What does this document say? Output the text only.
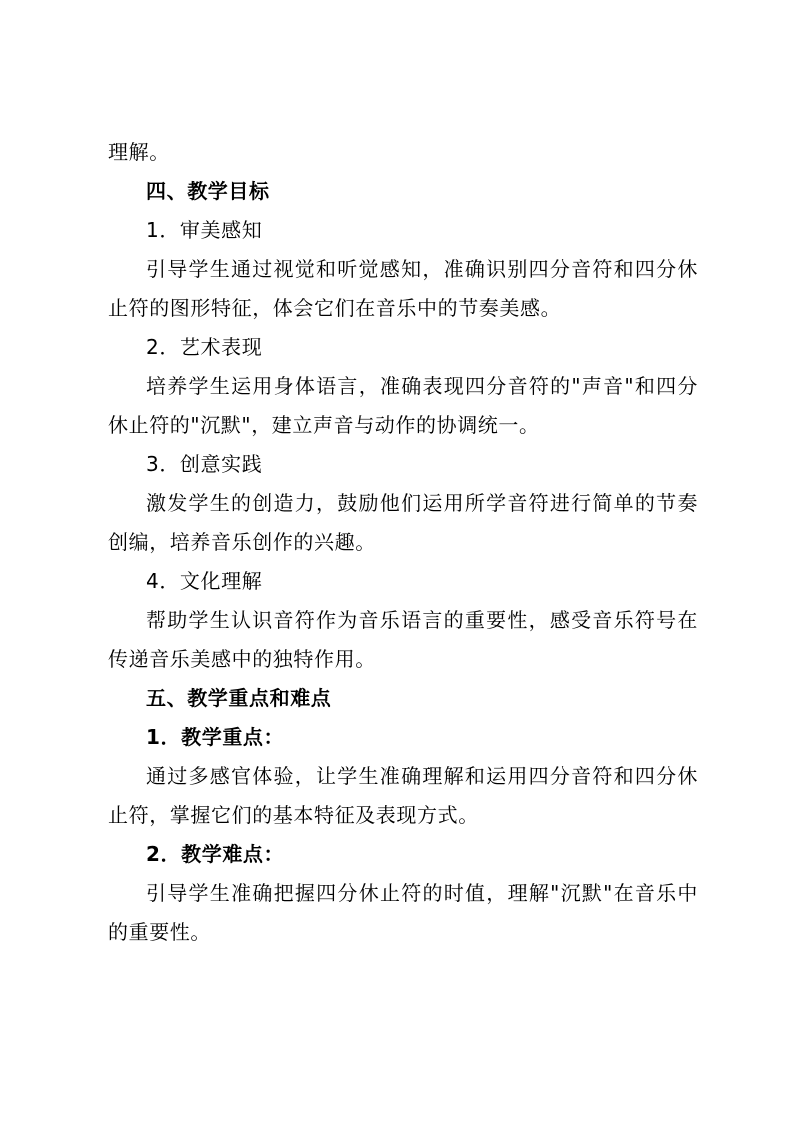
理解。
四、教学目标
1．审美感知
引导学生通过视觉和听觉感知，准确识别四分音符和四分休
止符的图形特征，体会它们在音乐中的节奏美感。
2．艺术表现
培养学生运用身体语言，准确表现四分音符的"声音"和四分
休止符的"沉默"，建立声音与动作的协调统一。
3．创意实践
激发学生的创造力，鼓励他们运用所学音符进行简单的节奏
创编，培养音乐创作的兴趣。
4．文化理解
帮助学生认识音符作为音乐语言的重要性，感受音乐符号在
传递音乐美感中的独特作用。
五、教学重点和难点
1．教学重点：
通过多感官体验，让学生准确理解和运用四分音符和四分休
止符，掌握它们的基本特征及表现方式。
2．教学难点：
引导学生准确把握四分休止符的时值，理解"沉默"在音乐中
的重要性。
